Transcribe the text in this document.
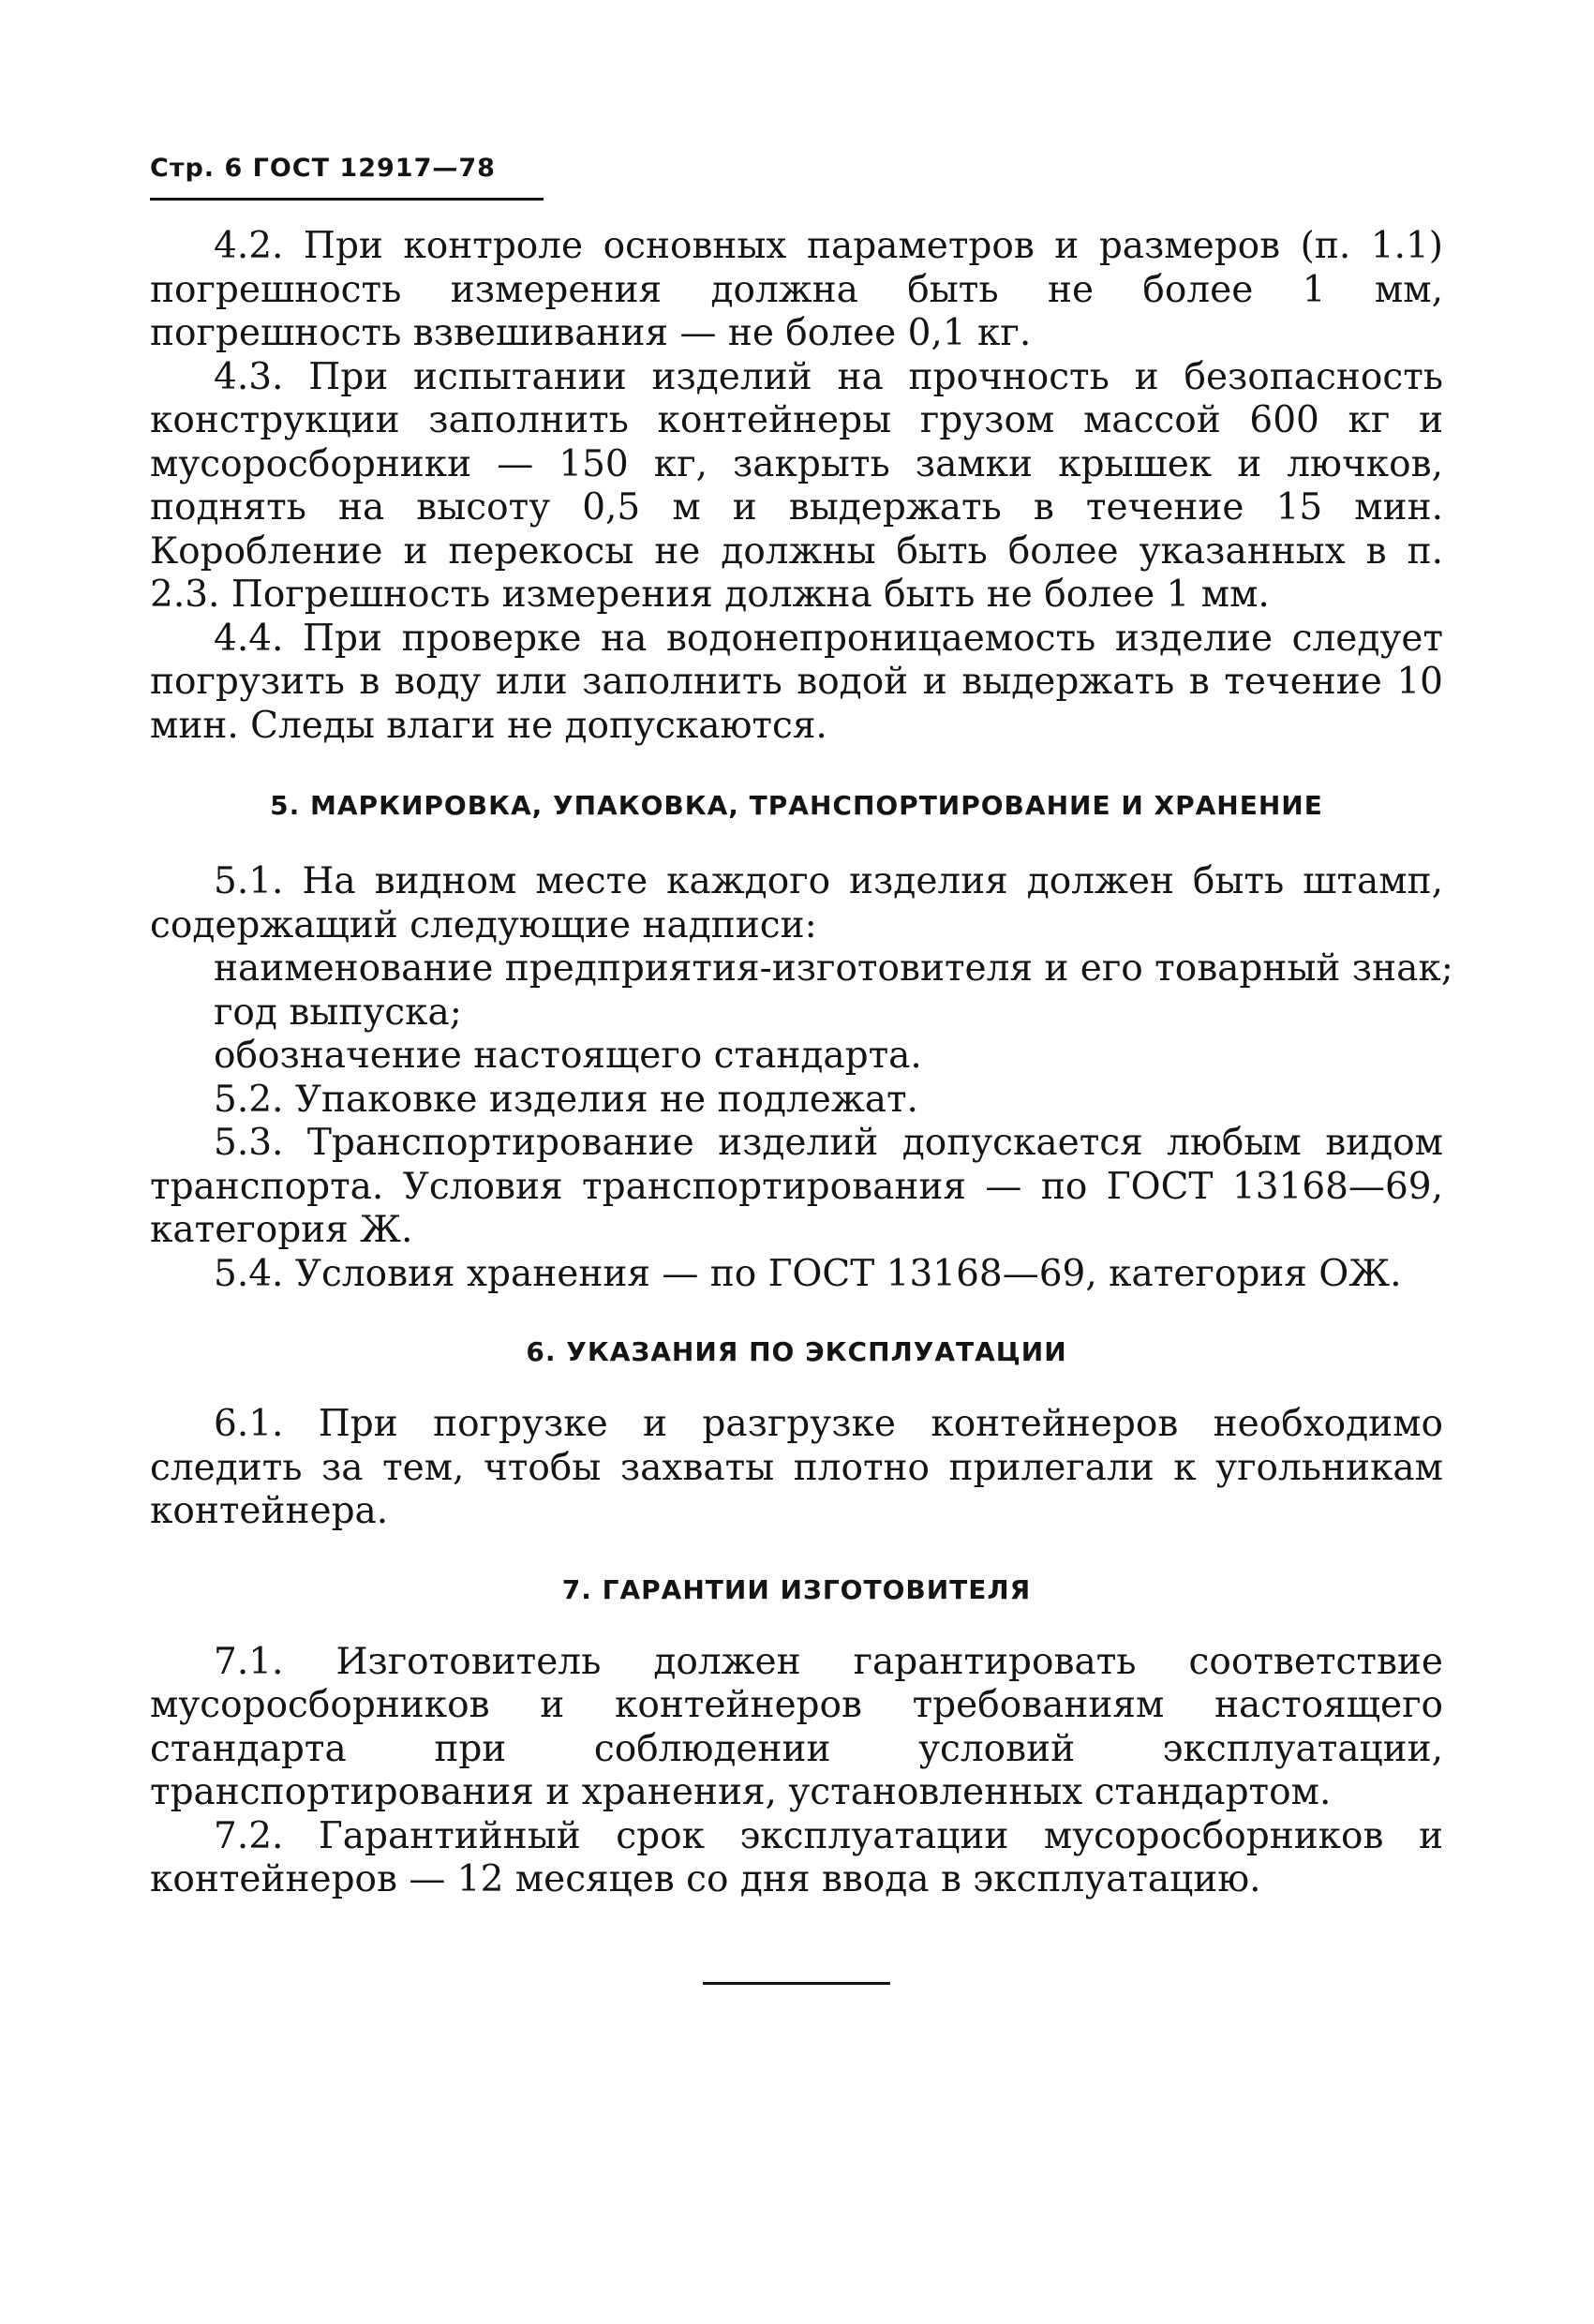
Стр. 6 ГОСТ 12917—78

4.2. При контроле основных параметров и размеров (п. 1.1) погрешность измерения должна быть не более 1 мм, погрешность взвешивания — не более 0,1 кг.

4.3. При испытании изделий на прочность и безопасность конструкции заполнить контейнеры грузом массой 600 кг и мусоросборники — 150 кг, закрыть замки крышек и лючков, поднять на высоту 0,5 м и выдержать в течение 15 мин. Коробление и перекосы не должны быть более указанных в п. 2.3. Погрешность измерения должна быть не более 1 мм.

4.4. При проверке на водонепроницаемость изделие следует погрузить в воду или заполнить водой и выдержать в течение 10 мин. Следы влаги не допускаются.

5. МАРКИРОВКА, УПАКОВКА, ТРАНСПОРТИРОВАНИЕ И ХРАНЕНИЕ

5.1. На видном месте каждого изделия должен быть штамп, содержащий следующие надписи:

наименование предприятия-изготовителя и его товарный знак;

год выпуска;

обозначение настоящего стандарта.

5.2. Упаковке изделия не подлежат.

5.3. Транспортирование изделий допускается любым видом транспорта. Условия транспортирования — по ГОСТ 13168—69, категория Ж.

5.4. Условия хранения — по ГОСТ 13168—69, категория ОЖ.

6. УКАЗАНИЯ ПО ЭКСПЛУАТАЦИИ

6.1. При погрузке и разгрузке контейнеров необходимо следить за тем, чтобы захваты плотно прилегали к угольникам контейнера.

7. ГАРАНТИИ ИЗГОТОВИТЕЛЯ

7.1. Изготовитель должен гарантировать соответствие мусоросборников и контейнеров требованиям настоящего стандарта при соблюдении условий эксплуатации, транспортирования и хранения, установленных стандартом.

7.2. Гарантийный срок эксплуатации мусоросборников и контейнеров — 12 месяцев со дня ввода в эксплуатацию.
